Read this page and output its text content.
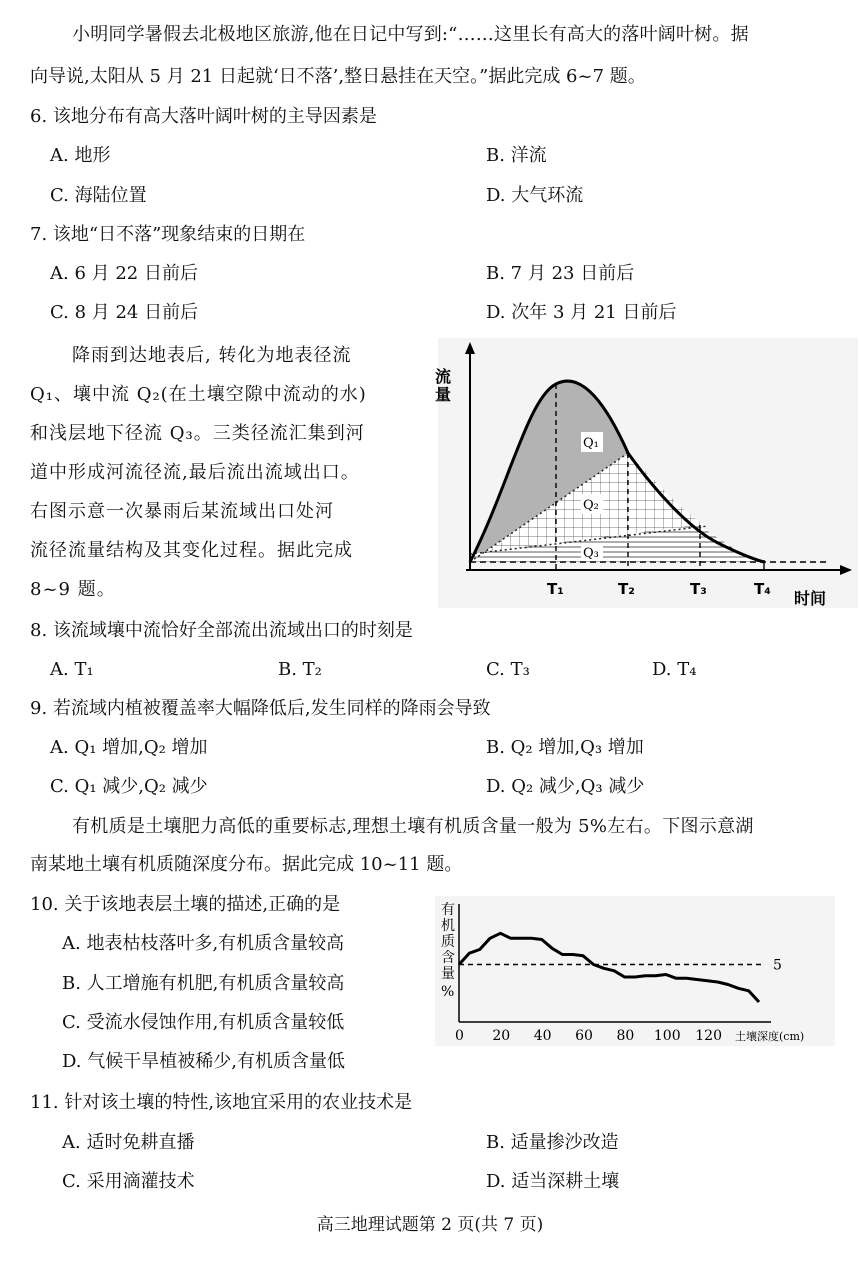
小明同学暑假去北极地区旅游,他在日记中写到:“……这里长有高大的落叶阔叶树。据
向导说,太阳从 5 月 21 日起就‘日不落’,整日悬挂在天空。”据此完成 6~7 题。
6. 该地分布有高大落叶阔叶树的主导因素是
A. 地形	B. 洋流
C. 海陆位置	D. 大气环流
7. 该地“日不落”现象结束的日期在
A. 6 月 22 日前后	B. 7 月 23 日前后
C. 8 月 24 日前后	D. 次年 3 月 21 日前后
降雨到达地表后, 转化为地表径流
Q₁、壤中流 Q₂(在土壤空隙中流动的水)
和浅层地下径流 Q₃。三类径流汇集到河
道中形成河流径流,最后流出流域出口。
右图示意一次暴雨后某流域出口处河
流径流量结构及其变化过程。据此完成
8~9 题。
流量
时间
T₁	T₂	T₃	T₄
Q₁
Q₂
Q₃
8. 该流域壤中流恰好全部流出流域出口的时刻是
A. T₁	B. T₂	C. T₃	D. T₄
9. 若流域内植被覆盖率大幅降低后,发生同样的降雨会导致
A. Q₁ 增加,Q₂ 增加	B. Q₂ 增加,Q₃ 增加
C. Q₁ 减少,Q₂ 减少	D. Q₂ 减少,Q₃ 减少
有机质是土壤肥力高低的重要标志,理想土壤有机质含量一般为 5%左右。下图示意湖
南某地土壤有机质随深度分布。据此完成 10~11 题。
10. 关于该地表层土壤的描述,正确的是
A. 地表枯枝落叶多,有机质含量较高
B. 人工增施有机肥,有机质含量较高
C. 受流水侵蚀作用,有机质含量较低
D. 气候干旱植被稀少,有机质含量低
有
机
质
含
量
%
5
0 20 40 60 80 100 120 土壤深度(cm)
11. 针对该土壤的特性,该地宜采用的农业技术是
A. 适时免耕直播	B. 适量掺沙改造
C. 采用滴灌技术	D. 适当深耕土壤
高三地理试题第 2 页(共 7 页)
